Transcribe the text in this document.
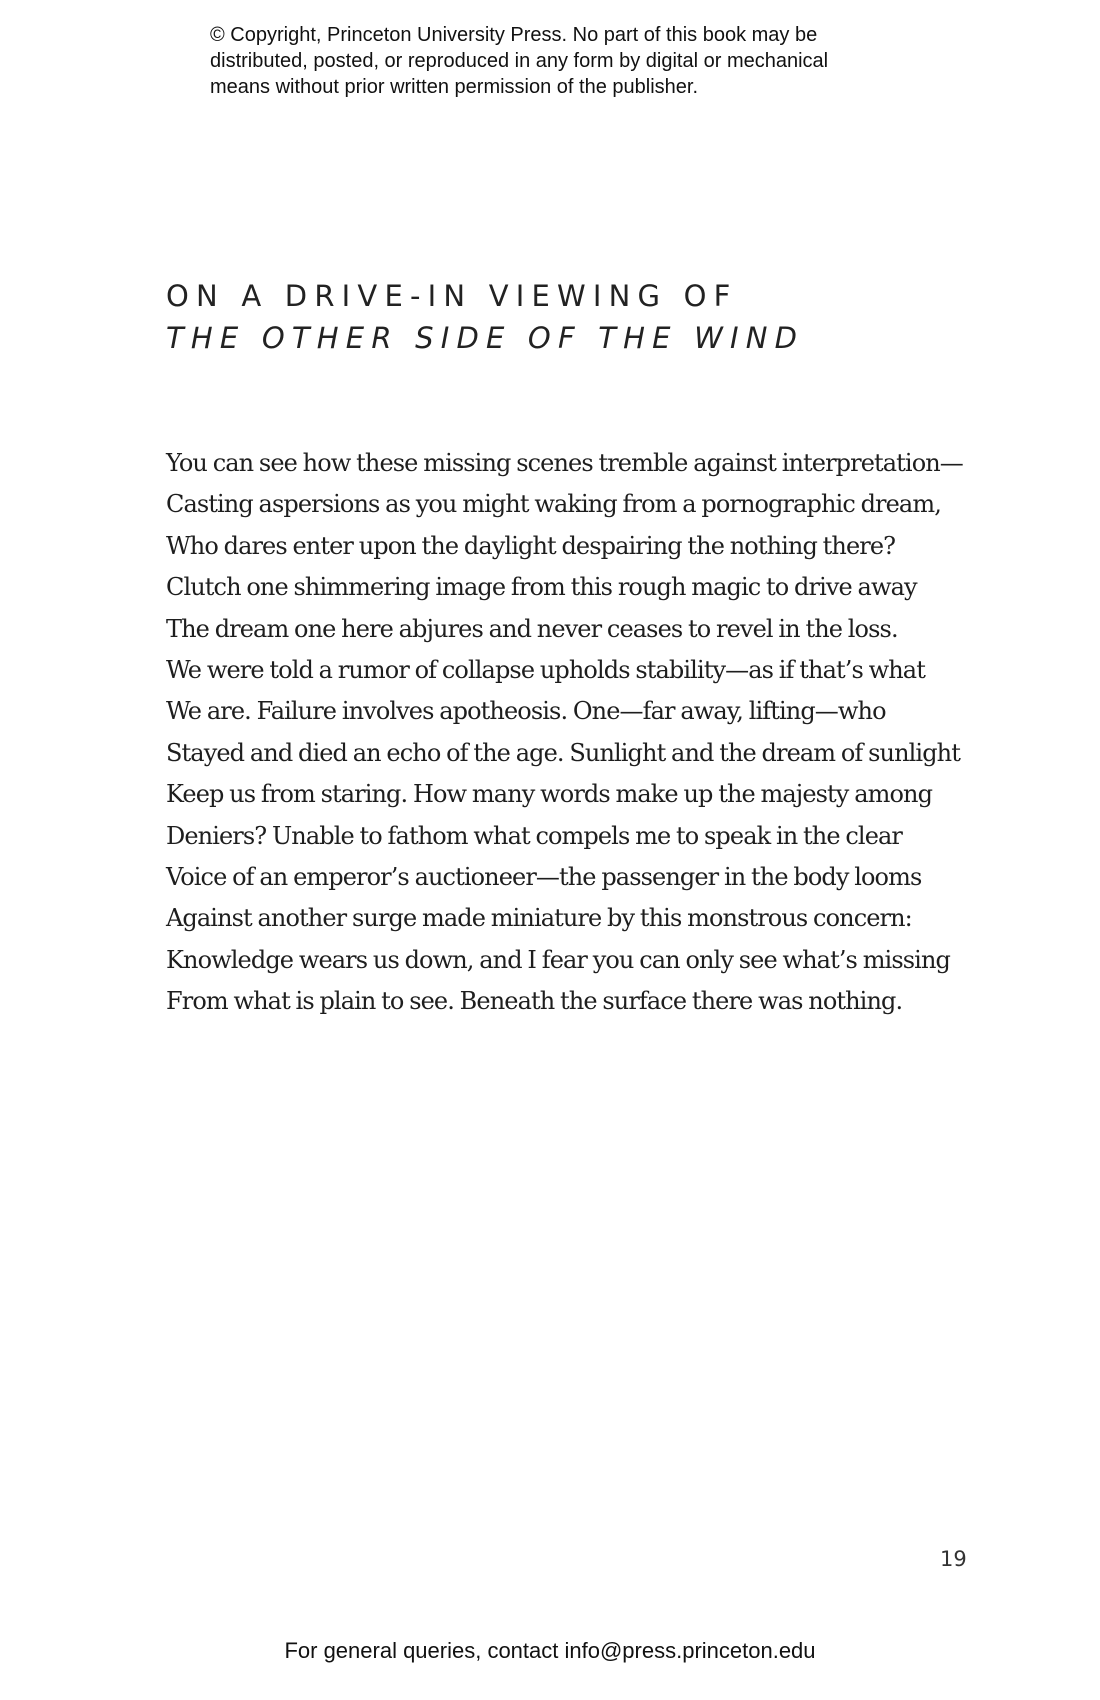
© Copyright, Princeton University Press. No part of this book may be
distributed, posted, or reproduced in any form by digital or mechanical
means without prior written permission of the publisher.
ON A DRIVE-IN VIEWING OF
THE OTHER SIDE OF THE WIND
You can see how these missing scenes tremble against interpretation—
Casting aspersions as you might waking from a pornographic dream,
Who dares enter upon the daylight despairing the nothing there?
Clutch one shimmering image from this rough magic to drive away
The dream one here abjures and never ceases to revel in the loss.
We were told a rumor of collapse upholds stability—as if that’s what
We are. Failure involves apotheosis. One—far away, lifting—who
Stayed and died an echo of the age. Sunlight and the dream of sunlight
Keep us from staring. How many words make up the majesty among
Deniers? Unable to fathom what compels me to speak in the clear
Voice of an emperor’s auctioneer—the passenger in the body looms
Against another surge made miniature by this monstrous concern:
Knowledge wears us down, and I fear you can only see what’s missing
From what is plain to see. Beneath the surface there was nothing.
19
For general queries, contact info@press.princeton.edu
